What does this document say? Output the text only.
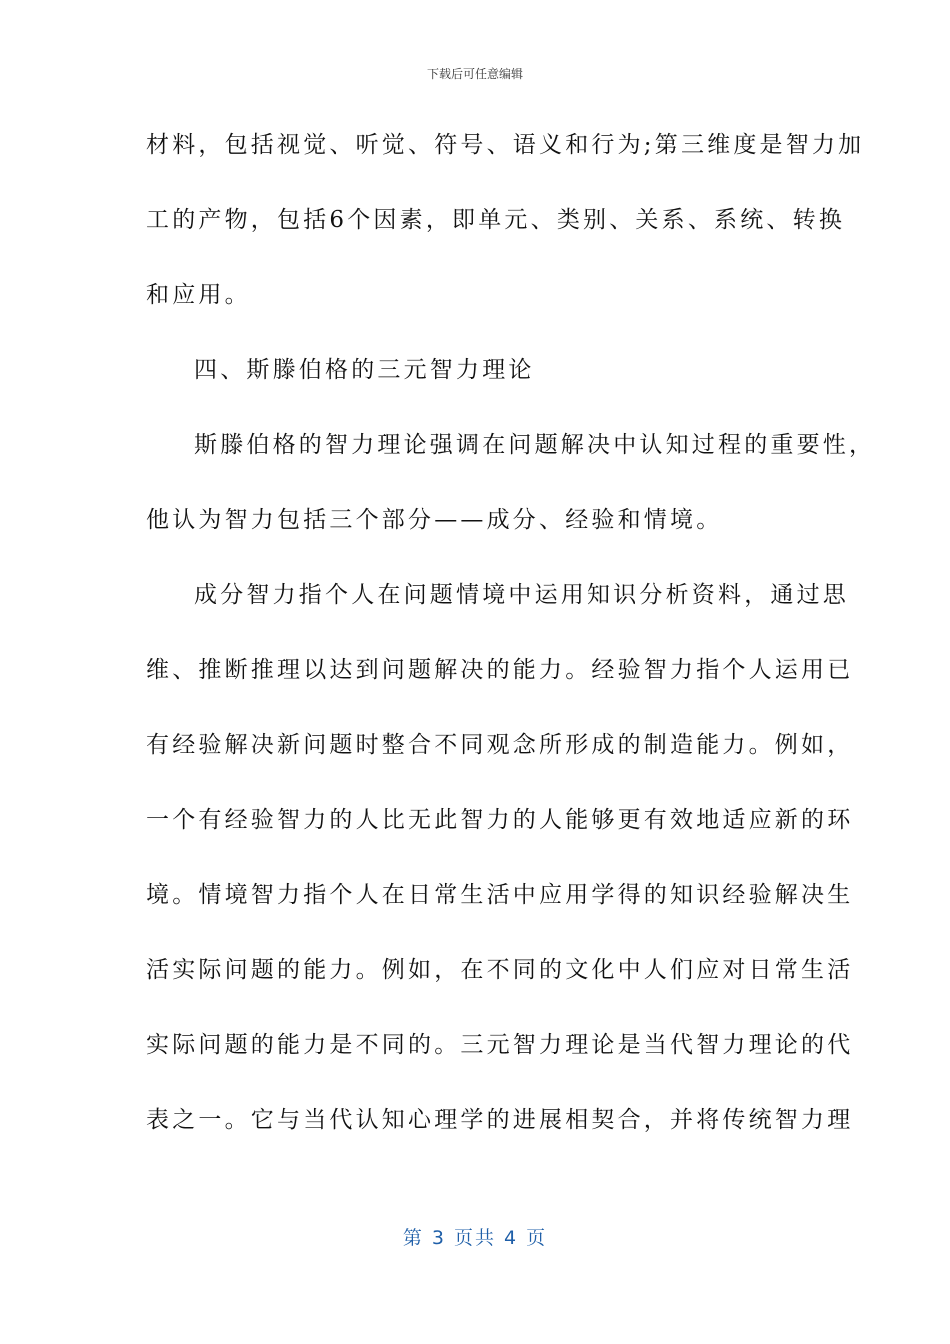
下载后可任意编辑
材料，包括视觉、听觉、符号、语义和行为;第三维度是智力加
工的产物，包括6个因素，即单元、类别、关系、系统、转换
和应用。
四、斯滕伯格的三元智力理论
斯滕伯格的智力理论强调在问题解决中认知过程的重要性，
他认为智力包括三个部分——成分、经验和情境。
成分智力指个人在问题情境中运用知识分析资料，通过思
维、推断推理以达到问题解决的能力。经验智力指个人运用已
有经验解决新问题时整合不同观念所形成的制造能力。例如，
一个有经验智力的人比无此智力的人能够更有效地适应新的环
境。情境智力指个人在日常生活中应用学得的知识经验解决生
活实际问题的能力。例如，在不同的文化中人们应对日常生活
实际问题的能力是不同的。三元智力理论是当代智力理论的代
表之一。它与当代认知心理学的进展相契合，并将传统智力理
第 3 页共 4 页
